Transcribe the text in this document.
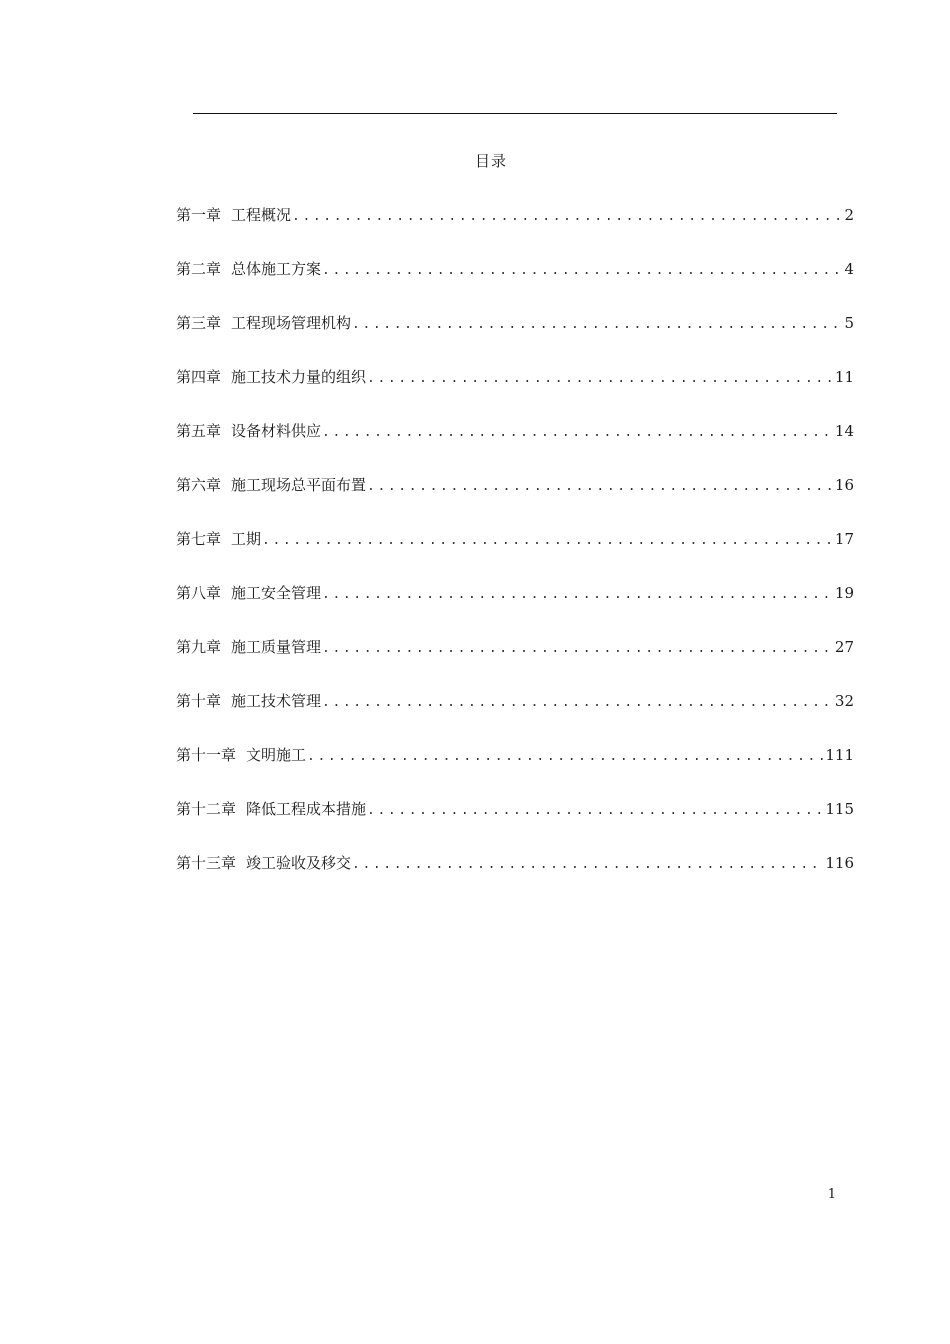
目录
第一章 工程概况 .....	2
第二章 总体施工方案 .....	4
第三章 工程现场管理机构 .....	5
第四章 施工技术力量的组织 .....	11
第五章 设备材料供应 .....	14
第六章 施工现场总平面布置 .....	16
第七章 工期 .....	17
第八章 施工安全管理 .....	19
第九章 施工质量管理 .....	27
第十章 施工技术管理 .....	32
第十一章 文明施工 .....	111
第十二章 降低工程成本措施 .....	115
第十三章 竣工验收及移交 .....	116
1
